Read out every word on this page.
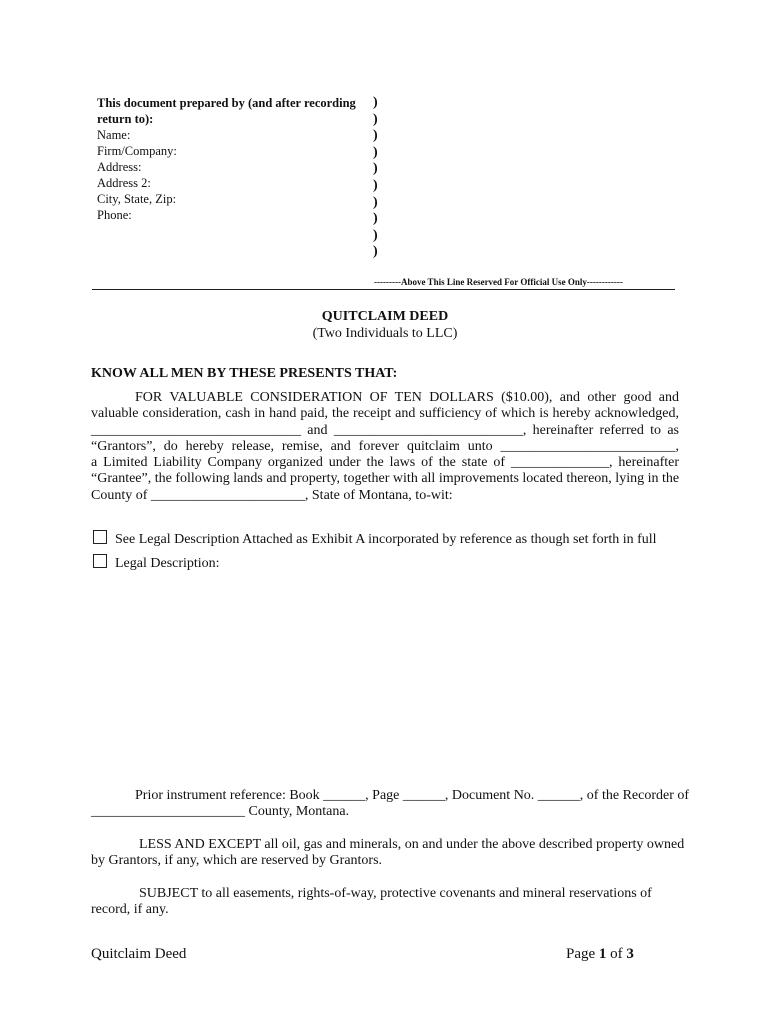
This document prepared by (and after recording
return to):
Name:
Firm/Company:
Address:
Address 2:
City, State, Zip:
Phone:
)
)
)
)
)
)
)
)
)
)
---------Above This Line Reserved For Official Use Only------------
QUITCLAIM DEED
(Two Individuals to LLC)
KNOW ALL MEN BY THESE PRESENTS THAT:
FOR VALUABLE CONSIDERATION OF TEN DOLLARS ($10.00), and other good and
valuable consideration, cash in hand paid, the receipt and sufficiency of which is hereby acknowledged,
______________________________ and ___________________________, hereinafter referred to as
“Grantors”, do hereby release, remise, and forever quitclaim unto _________________________,
a Limited Liability Company organized under the laws of the state of ______________, hereinafter
“Grantee”, the following lands and property, together with all improvements located thereon, lying in the
County of ______________________, State of Montana, to-wit:
See Legal Description Attached as Exhibit A incorporated by reference as though set forth in full
Legal Description:
Prior instrument reference: Book ______, Page ______, Document No. ______, of the Recorder of
______________________ County, Montana.
LESS AND EXCEPT all oil, gas and minerals, on and under the above described property owned
by Grantors, if any, which are reserved by Grantors.
SUBJECT to all easements, rights-of-way, protective covenants and mineral reservations of
record, if any.
Quitclaim Deed	Page 1 of 3
